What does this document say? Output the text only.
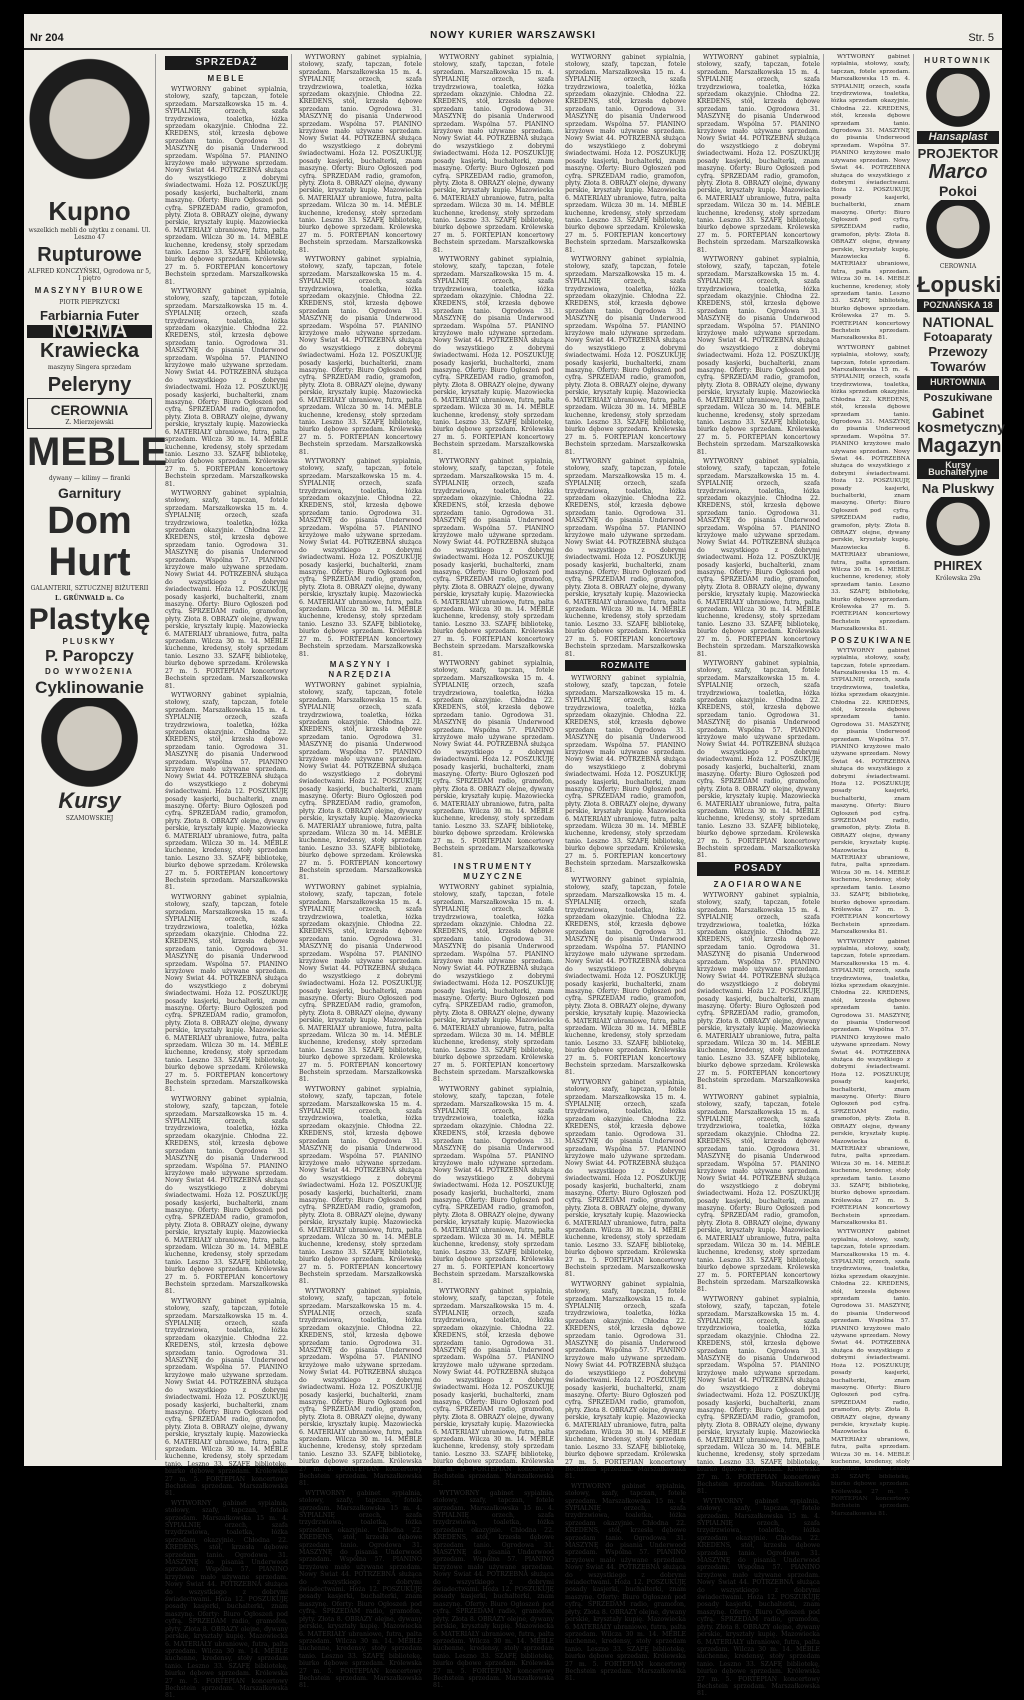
Nr 204	NOWY KURIER WARSZAWSKI	Str. 5
Kupno
wszelkich mebli do użytku z cenami. Ul. Leszno 47
Rupturowe
ALFRED KONCZYŃSKI, Ogrodowa nr 5, I piętro
MASZYNY BIUROWE
PIOTR PIEPRZYCKI
Farbiarnia Futer
NORMA
Krawiecka
maszyny Singera sprzedam
Peleryny
CEROWNIA
Z. Mierzejewski
MEBLE
dywany — kilimy — firanki
Garnitury
Dom
Hurt
GALANTERII, SZTUCZNEJ BIŻUTERII
L. GRÜNWALD n. Co
Plastykę
PLUSKWY
P. Paropczy
DO WYWOŻENIA
Cyklinowanie
Kursy
SZAMOWSKIEJ
SPRZEDAŻ
MEBLE

WYTWORNY gabinet sypialnia, stołowy, szafy, tapczan, fotele sprzedam. Marszałkowska 15 m. 4. SYPIALNIĘ orzech, szafa trzydrzwiowa, toaletka, łóżka sprzedam okazyjnie. Chłodna 22. KREDENS, stół, krzesła dębowe sprzedam tanio. Ogrodowa 31. MASZYNĘ do pisania Underwood sprzedam. Wspólna 57. PIANINO krzyżowe mało używane sprzedam. Nowy Świat 44. POTRZEBNA służąca do wszystkiego z dobrymi świadectwami. Hoża 12. POSZUKUJĘ posady kasjerki, buchalterki, znam maszynę. Oferty: Biuro Ogłoszeń pod cyfrą. SPRZEDAM radio, gramofon, płyty. Złota 8. OBRAZY olejne, dywany perskie, kryształy kupię. Mazowiecka 6. MATERIAŁY ubraniowe, futra, palta sprzedam. Wilcza 30 m. 14. MEBLE kuchenne, kredensy, stoły sprzedam tanio. Leszno 33. SZAFĘ bibliotekę, biurko dębowe sprzedam. Królewska 27 m. 5. FORTEPIAN koncertowy Bechstein sprzedam. Marszałkowska 81.

WYTWORNY gabinet sypialnia, stołowy, szafy, tapczan, fotele sprzedam. Marszałkowska 15 m. 4. SYPIALNIĘ orzech, szafa trzydrzwiowa, toaletka, łóżka sprzedam okazyjnie. Chłodna 22. KREDENS, stół, krzesła dębowe sprzedam tanio. Ogrodowa 31. MASZYNĘ do pisania Underwood sprzedam. Wspólna 57. PIANINO krzyżowe mało używane sprzedam. Nowy Świat 44. POTRZEBNA służąca do wszystkiego z dobrymi świadectwami. Hoża 12. POSZUKUJĘ posady kasjerki, buchalterki, znam maszynę. Oferty: Biuro Ogłoszeń pod cyfrą. SPRZEDAM radio, gramofon, płyty. Złota 8. OBRAZY olejne, dywany perskie, kryształy kupię. Mazowiecka 6. MATERIAŁY ubraniowe, futra, palta sprzedam. Wilcza 30 m. 14. MEBLE kuchenne, kredensy, stoły sprzedam tanio. Leszno 33. SZAFĘ bibliotekę, biurko dębowe sprzedam. Królewska 27 m. 5. FORTEPIAN koncertowy Bechstein sprzedam. Marszałkowska 81.

WYTWORNY gabinet sypialnia, stołowy, szafy, tapczan, fotele sprzedam. Marszałkowska 15 m. 4. SYPIALNIĘ orzech, szafa trzydrzwiowa, toaletka, łóżka sprzedam okazyjnie. Chłodna 22. KREDENS, stół, krzesła dębowe sprzedam tanio. Ogrodowa 31. MASZYNĘ do pisania Underwood sprzedam. Wspólna 57. PIANINO krzyżowe mało używane sprzedam. Nowy Świat 44. POTRZEBNA służąca do wszystkiego z dobrymi świadectwami. Hoża 12. POSZUKUJĘ posady kasjerki, buchalterki, znam maszynę. Oferty: Biuro Ogłoszeń pod cyfrą. SPRZEDAM radio, gramofon, płyty. Złota 8. OBRAZY olejne, dywany perskie, kryształy kupię. Mazowiecka 6. MATERIAŁY ubraniowe, futra, palta sprzedam. Wilcza 30 m. 14. MEBLE kuchenne, kredensy, stoły sprzedam tanio. Leszno 33. SZAFĘ bibliotekę, biurko dębowe sprzedam. Królewska 27 m. 5. FORTEPIAN koncertowy Bechstein sprzedam. Marszałkowska 81.

WYTWORNY gabinet sypialnia, stołowy, szafy, tapczan, fotele sprzedam. Marszałkowska 15 m. 4. SYPIALNIĘ orzech, szafa trzydrzwiowa, toaletka, łóżka sprzedam okazyjnie. Chłodna 22. KREDENS, stół, krzesła dębowe sprzedam tanio. Ogrodowa 31. MASZYNĘ do pisania Underwood sprzedam. Wspólna 57. PIANINO krzyżowe mało używane sprzedam. Nowy Świat 44. POTRZEBNA służąca do wszystkiego z dobrymi świadectwami. Hoża 12. POSZUKUJĘ posady kasjerki, buchalterki, znam maszynę. Oferty: Biuro Ogłoszeń pod cyfrą. SPRZEDAM radio, gramofon, płyty. Złota 8. OBRAZY olejne, dywany perskie, kryształy kupię. Mazowiecka 6. MATERIAŁY ubraniowe, futra, palta sprzedam. Wilcza 30 m. 14. MEBLE kuchenne, kredensy, stoły sprzedam tanio. Leszno 33. SZAFĘ bibliotekę, biurko dębowe sprzedam. Królewska 27 m. 5. FORTEPIAN koncertowy Bechstein sprzedam. Marszałkowska 81.

WYTWORNY gabinet sypialnia, stołowy, szafy, tapczan, fotele sprzedam. Marszałkowska 15 m. 4. SYPIALNIĘ orzech, szafa trzydrzwiowa, toaletka, łóżka sprzedam okazyjnie. Chłodna 22. KREDENS, stół, krzesła dębowe sprzedam tanio. Ogrodowa 31. MASZYNĘ do pisania Underwood sprzedam. Wspólna 57. PIANINO krzyżowe mało używane sprzedam. Nowy Świat 44. POTRZEBNA służąca do wszystkiego z dobrymi świadectwami. Hoża 12. POSZUKUJĘ posady kasjerki, buchalterki, znam maszynę. Oferty: Biuro Ogłoszeń pod cyfrą. SPRZEDAM radio, gramofon, płyty. Złota 8. OBRAZY olejne, dywany perskie, kryształy kupię. Mazowiecka 6. MATERIAŁY ubraniowe, futra, palta sprzedam. Wilcza 30 m. 14. MEBLE kuchenne, kredensy, stoły sprzedam tanio. Leszno 33. SZAFĘ bibliotekę, biurko dębowe sprzedam. Królewska 27 m. 5. FORTEPIAN koncertowy Bechstein sprzedam. Marszałkowska 81.

WYTWORNY gabinet sypialnia, stołowy, szafy, tapczan, fotele sprzedam. Marszałkowska 15 m. 4. SYPIALNIĘ orzech, szafa trzydrzwiowa, toaletka, łóżka sprzedam okazyjnie. Chłodna 22. KREDENS, stół, krzesła dębowe sprzedam tanio. Ogrodowa 31. MASZYNĘ do pisania Underwood sprzedam. Wspólna 57. PIANINO krzyżowe mało używane sprzedam. Nowy Świat 44. POTRZEBNA służąca do wszystkiego z dobrymi świadectwami. Hoża 12. POSZUKUJĘ posady kasjerki, buchalterki, znam maszynę. Oferty: Biuro Ogłoszeń pod cyfrą. SPRZEDAM radio, gramofon, płyty. Złota 8. OBRAZY olejne, dywany perskie, kryształy kupię. Mazowiecka 6. MATERIAŁY ubraniowe, futra, palta sprzedam. Wilcza 30 m. 14. MEBLE kuchenne, kredensy, stoły sprzedam tanio. Leszno 33. SZAFĘ bibliotekę, biurko dębowe sprzedam. Królewska 27 m. 5. FORTEPIAN koncertowy Bechstein sprzedam. Marszałkowska 81.

WYTWORNY gabinet sypialnia, stołowy, szafy, tapczan, fotele sprzedam. Marszałkowska 15 m. 4. SYPIALNIĘ orzech, szafa trzydrzwiowa, toaletka, łóżka sprzedam okazyjnie. Chłodna 22. KREDENS, stół, krzesła dębowe sprzedam tanio. Ogrodowa 31. MASZYNĘ do pisania Underwood sprzedam. Wspólna 57. PIANINO krzyżowe mało używane sprzedam. Nowy Świat 44. POTRZEBNA służąca do wszystkiego z dobrymi świadectwami. Hoża 12. POSZUKUJĘ posady kasjerki, buchalterki, znam maszynę. Oferty: Biuro Ogłoszeń pod cyfrą. SPRZEDAM radio, gramofon, płyty. Złota 8. OBRAZY olejne, dywany perskie, kryształy kupię. Mazowiecka 6. MATERIAŁY ubraniowe, futra, palta sprzedam. Wilcza 30 m. 14. MEBLE kuchenne, kredensy, stoły sprzedam tanio. Leszno 33. SZAFĘ bibliotekę, biurko dębowe sprzedam. Królewska 27 m. 5. FORTEPIAN koncertowy Bechstein sprzedam. Marszałkowska 81.

WYTWORNY gabinet sypialnia, stołowy, szafy, tapczan, fotele sprzedam. Marszałkowska 15 m. 4. SYPIALNIĘ orzech, szafa trzydrzwiowa, toaletka, łóżka sprzedam okazyjnie. Chłodna 22. KREDENS, stół, krzesła dębowe sprzedam tanio. Ogrodowa 31. MASZYNĘ do pisania Underwood sprzedam. Wspólna 57. PIANINO krzyżowe mało używane sprzedam. Nowy Świat 44. POTRZEBNA służąca do wszystkiego z dobrymi świadectwami. Hoża 12. POSZUKUJĘ posady kasjerki, buchalterki, znam maszynę. Oferty: Biuro Ogłoszeń pod cyfrą. SPRZEDAM radio, gramofon, płyty. Złota 8. OBRAZY olejne, dywany perskie, kryształy kupię. Mazowiecka 6. MATERIAŁY ubraniowe, futra, palta sprzedam. Wilcza 30 m. 14. MEBLE kuchenne, kredensy, stoły sprzedam tanio. Leszno 33. SZAFĘ bibliotekę, biurko dębowe sprzedam. Królewska 27 m. 5. FORTEPIAN koncertowy Bechstein sprzedam. Marszałkowska 81.

WYTWORNY gabinet sypialnia, stołowy, szafy, tapczan, fotele sprzedam. Marszałkowska 15 m. 4. SYPIALNIĘ orzech, szafa trzydrzwiowa, toaletka, łóżka sprzedam okazyjnie. Chłodna 22. KREDENS, stół, krzesła dębowe sprzedam tanio. Ogrodowa 31. MASZYNĘ do pisania Underwood sprzedam. Wspólna 57. PIANINO krzyżowe mało używane sprzedam. Nowy Świat 44. POTRZEBNA służąca do wszystkiego z dobrymi świadectwami. Hoża 12. POSZUKUJĘ posady kasjerki, buchalterki, znam maszynę. Oferty: Biuro Ogłoszeń pod cyfrą. SPRZEDAM radio, gramofon, płyty. Złota 8. OBRAZY olejne, dywany perskie, kryształy kupię. Mazowiecka 6. MATERIAŁY ubraniowe, futra, palta sprzedam. Wilcza 30 m. 14. MEBLE kuchenne, kredensy, stoły sprzedam tanio. Leszno 33. SZAFĘ bibliotekę, biurko dębowe sprzedam. Królewska 27 m. 5. FORTEPIAN koncertowy Bechstein sprzedam. Marszałkowska 81.

WYTWORNY gabinet sypialnia, stołowy, szafy, tapczan, fotele sprzedam. Marszałkowska 15 m. 4. SYPIALNIĘ orzech, szafa trzydrzwiowa, toaletka, łóżka sprzedam okazyjnie. Chłodna 22. KREDENS, stół, krzesła dębowe sprzedam tanio. Ogrodowa 31. MASZYNĘ do pisania Underwood sprzedam. Wspólna 57. PIANINO krzyżowe mało używane sprzedam. Nowy Świat 44. POTRZEBNA służąca do wszystkiego z dobrymi świadectwami. Hoża 12. POSZUKUJĘ posady kasjerki, buchalterki, znam maszynę. Oferty: Biuro Ogłoszeń pod cyfrą. SPRZEDAM radio, gramofon, płyty. Złota 8. OBRAZY olejne, dywany perskie, kryształy kupię. Mazowiecka 6. MATERIAŁY ubraniowe, futra, palta sprzedam. Wilcza 30 m. 14. MEBLE kuchenne, kredensy, stoły sprzedam tanio. Leszno 33. SZAFĘ bibliotekę, biurko dębowe sprzedam. Królewska 27 m. 5. FORTEPIAN koncertowy Bechstein sprzedam. Marszałkowska 81.

WYTWORNY gabinet sypialnia, stołowy, szafy, tapczan, fotele sprzedam. Marszałkowska 15 m. 4. SYPIALNIĘ orzech, szafa trzydrzwiowa, toaletka, łóżka sprzedam okazyjnie. Chłodna 22. KREDENS, stół, krzesła dębowe sprzedam tanio. Ogrodowa 31. MASZYNĘ do pisania Underwood sprzedam. Wspólna 57. PIANINO krzyżowe mało używane sprzedam. Nowy Świat 44. POTRZEBNA służąca do wszystkiego z dobrymi świadectwami. Hoża 12. POSZUKUJĘ posady kasjerki, buchalterki, znam maszynę. Oferty: Biuro Ogłoszeń pod cyfrą. SPRZEDAM radio, gramofon, płyty. Złota 8. OBRAZY olejne, dywany perskie, kryształy kupię. Mazowiecka 6. MATERIAŁY ubraniowe, futra, palta sprzedam. Wilcza 30 m. 14. MEBLE kuchenne, kredensy, stoły sprzedam tanio. Leszno 33. SZAFĘ bibliotekę, biurko dębowe sprzedam. Królewska 27 m. 5. FORTEPIAN koncertowy Bechstein sprzedam. Marszałkowska 81.

MASZYNY I NARZĘDZIA

WYTWORNY gabinet sypialnia, stołowy, szafy, tapczan, fotele sprzedam. Marszałkowska 15 m. 4. SYPIALNIĘ orzech, szafa trzydrzwiowa, toaletka, łóżka sprzedam okazyjnie. Chłodna 22. KREDENS, stół, krzesła dębowe sprzedam tanio. Ogrodowa 31. MASZYNĘ do pisania Underwood sprzedam. Wspólna 57. PIANINO krzyżowe mało używane sprzedam. Nowy Świat 44. POTRZEBNA służąca do wszystkiego z dobrymi świadectwami. Hoża 12. POSZUKUJĘ posady kasjerki, buchalterki, znam maszynę. Oferty: Biuro Ogłoszeń pod cyfrą. SPRZEDAM radio, gramofon, płyty. Złota 8. OBRAZY olejne, dywany perskie, kryształy kupię. Mazowiecka 6. MATERIAŁY ubraniowe, futra, palta sprzedam. Wilcza 30 m. 14. MEBLE kuchenne, kredensy, stoły sprzedam tanio. Leszno 33. SZAFĘ bibliotekę, biurko dębowe sprzedam. Królewska 27 m. 5. FORTEPIAN koncertowy Bechstein sprzedam. Marszałkowska 81.

WYTWORNY gabinet sypialnia, stołowy, szafy, tapczan, fotele sprzedam. Marszałkowska 15 m. 4. SYPIALNIĘ orzech, szafa trzydrzwiowa, toaletka, łóżka sprzedam okazyjnie. Chłodna 22. KREDENS, stół, krzesła dębowe sprzedam tanio. Ogrodowa 31. MASZYNĘ do pisania Underwood sprzedam. Wspólna 57. PIANINO krzyżowe mało używane sprzedam. Nowy Świat 44. POTRZEBNA służąca do wszystkiego z dobrymi świadectwami. Hoża 12. POSZUKUJĘ posady kasjerki, buchalterki, znam maszynę. Oferty: Biuro Ogłoszeń pod cyfrą. SPRZEDAM radio, gramofon, płyty. Złota 8. OBRAZY olejne, dywany perskie, kryształy kupię. Mazowiecka 6. MATERIAŁY ubraniowe, futra, palta sprzedam. Wilcza 30 m. 14. MEBLE kuchenne, kredensy, stoły sprzedam tanio. Leszno 33. SZAFĘ bibliotekę, biurko dębowe sprzedam. Królewska 27 m. 5. FORTEPIAN koncertowy Bechstein sprzedam. Marszałkowska 81.

WYTWORNY gabinet sypialnia, stołowy, szafy, tapczan, fotele sprzedam. Marszałkowska 15 m. 4. SYPIALNIĘ orzech, szafa trzydrzwiowa, toaletka, łóżka sprzedam okazyjnie. Chłodna 22. KREDENS, stół, krzesła dębowe sprzedam tanio. Ogrodowa 31. MASZYNĘ do pisania Underwood sprzedam. Wspólna 57. PIANINO krzyżowe mało używane sprzedam. Nowy Świat 44. POTRZEBNA służąca do wszystkiego z dobrymi świadectwami. Hoża 12. POSZUKUJĘ posady kasjerki, buchalterki, znam maszynę. Oferty: Biuro Ogłoszeń pod cyfrą. SPRZEDAM radio, gramofon, płyty. Złota 8. OBRAZY olejne, dywany perskie, kryształy kupię. Mazowiecka 6. MATERIAŁY ubraniowe, futra, palta sprzedam. Wilcza 30 m. 14. MEBLE kuchenne, kredensy, stoły sprzedam tanio. Leszno 33. SZAFĘ bibliotekę, biurko dębowe sprzedam. Królewska 27 m. 5. FORTEPIAN koncertowy Bechstein sprzedam. Marszałkowska 81.

WYTWORNY gabinet sypialnia, stołowy, szafy, tapczan, fotele sprzedam. Marszałkowska 15 m. 4. SYPIALNIĘ orzech, szafa trzydrzwiowa, toaletka, łóżka sprzedam okazyjnie. Chłodna 22. KREDENS, stół, krzesła dębowe sprzedam tanio. Ogrodowa 31. MASZYNĘ do pisania Underwood sprzedam. Wspólna 57. PIANINO krzyżowe mało używane sprzedam. Nowy Świat 44. POTRZEBNA służąca do wszystkiego z dobrymi świadectwami. Hoża 12. POSZUKUJĘ posady kasjerki, buchalterki, znam maszynę. Oferty: Biuro Ogłoszeń pod cyfrą. SPRZEDAM radio, gramofon, płyty. Złota 8. OBRAZY olejne, dywany perskie, kryształy kupię. Mazowiecka 6. MATERIAŁY ubraniowe, futra, palta sprzedam. Wilcza 30 m. 14. MEBLE kuchenne, kredensy, stoły sprzedam tanio. Leszno 33. SZAFĘ bibliotekę, biurko dębowe sprzedam. Królewska 27 m. 5. FORTEPIAN koncertowy Bechstein sprzedam. Marszałkowska 81.

WYTWORNY gabinet sypialnia, stołowy, szafy, tapczan, fotele sprzedam. Marszałkowska 15 m. 4. SYPIALNIĘ orzech, szafa trzydrzwiowa, toaletka, łóżka sprzedam okazyjnie. Chłodna 22. KREDENS, stół, krzesła dębowe sprzedam tanio. Ogrodowa 31. MASZYNĘ do pisania Underwood sprzedam. Wspólna 57. PIANINO krzyżowe mało używane sprzedam. Nowy Świat 44. POTRZEBNA służąca do wszystkiego z dobrymi świadectwami. Hoża 12. POSZUKUJĘ posady kasjerki, buchalterki, znam maszynę. Oferty: Biuro Ogłoszeń pod cyfrą. SPRZEDAM radio, gramofon, płyty. Złota 8. OBRAZY olejne, dywany perskie, kryształy kupię. Mazowiecka 6. MATERIAŁY ubraniowe, futra, palta sprzedam. Wilcza 30 m. 14. MEBLE kuchenne, kredensy, stoły sprzedam tanio. Leszno 33. SZAFĘ bibliotekę, biurko dębowe sprzedam. Królewska 27 m. 5. FORTEPIAN koncertowy Bechstein sprzedam. Marszałkowska 81.

WYTWORNY gabinet sypialnia, stołowy, szafy, tapczan, fotele sprzedam. Marszałkowska 15 m. 4. SYPIALNIĘ orzech, szafa trzydrzwiowa, toaletka, łóżka sprzedam okazyjnie. Chłodna 22. KREDENS, stół, krzesła dębowe sprzedam tanio. Ogrodowa 31. MASZYNĘ do pisania Underwood sprzedam. Wspólna 57. PIANINO krzyżowe mało używane sprzedam. Nowy Świat 44. POTRZEBNA służąca do wszystkiego z dobrymi świadectwami. Hoża 12. POSZUKUJĘ posady kasjerki, buchalterki, znam maszynę. Oferty: Biuro Ogłoszeń pod cyfrą. SPRZEDAM radio, gramofon, płyty. Złota 8. OBRAZY olejne, dywany perskie, kryształy kupię. Mazowiecka 6. MATERIAŁY ubraniowe, futra, palta sprzedam. Wilcza 30 m. 14. MEBLE kuchenne, kredensy, stoły sprzedam tanio. Leszno 33. SZAFĘ bibliotekę, biurko dębowe sprzedam. Królewska 27 m. 5. FORTEPIAN koncertowy Bechstein sprzedam. Marszałkowska 81.

WYTWORNY gabinet sypialnia, stołowy, szafy, tapczan, fotele sprzedam. Marszałkowska 15 m. 4. SYPIALNIĘ orzech, szafa trzydrzwiowa, toaletka, łóżka sprzedam okazyjnie. Chłodna 22. KREDENS, stół, krzesła dębowe sprzedam tanio. Ogrodowa 31. MASZYNĘ do pisania Underwood sprzedam. Wspólna 57. PIANINO krzyżowe mało używane sprzedam. Nowy Świat 44. POTRZEBNA służąca do wszystkiego z dobrymi świadectwami. Hoża 12. POSZUKUJĘ posady kasjerki, buchalterki, znam maszynę. Oferty: Biuro Ogłoszeń pod cyfrą. SPRZEDAM radio, gramofon, płyty. Złota 8. OBRAZY olejne, dywany perskie, kryształy kupię. Mazowiecka 6. MATERIAŁY ubraniowe, futra, palta sprzedam. Wilcza 30 m. 14. MEBLE kuchenne, kredensy, stoły sprzedam tanio. Leszno 33. SZAFĘ bibliotekę, biurko dębowe sprzedam. Królewska 27 m. 5. FORTEPIAN koncertowy Bechstein sprzedam. Marszałkowska 81.

WYTWORNY gabinet sypialnia, stołowy, szafy, tapczan, fotele sprzedam. Marszałkowska 15 m. 4. SYPIALNIĘ orzech, szafa trzydrzwiowa, toaletka, łóżka sprzedam okazyjnie. Chłodna 22. KREDENS, stół, krzesła dębowe sprzedam tanio. Ogrodowa 31. MASZYNĘ do pisania Underwood sprzedam. Wspólna 57. PIANINO krzyżowe mało używane sprzedam. Nowy Świat 44. POTRZEBNA służąca do wszystkiego z dobrymi świadectwami. Hoża 12. POSZUKUJĘ posady kasjerki, buchalterki, znam maszynę. Oferty: Biuro Ogłoszeń pod cyfrą. SPRZEDAM radio, gramofon, płyty. Złota 8. OBRAZY olejne, dywany perskie, kryształy kupię. Mazowiecka 6. MATERIAŁY ubraniowe, futra, palta sprzedam. Wilcza 30 m. 14. MEBLE kuchenne, kredensy, stoły sprzedam tanio. Leszno 33. SZAFĘ bibliotekę, biurko dębowe sprzedam. Królewska 27 m. 5. FORTEPIAN koncertowy Bechstein sprzedam. Marszałkowska 81.

WYTWORNY gabinet sypialnia, stołowy, szafy, tapczan, fotele sprzedam. Marszałkowska 15 m. 4. SYPIALNIĘ orzech, szafa trzydrzwiowa, toaletka, łóżka sprzedam okazyjnie. Chłodna 22. KREDENS, stół, krzesła dębowe sprzedam tanio. Ogrodowa 31. MASZYNĘ do pisania Underwood sprzedam. Wspólna 57. PIANINO krzyżowe mało używane sprzedam. Nowy Świat 44. POTRZEBNA służąca do wszystkiego z dobrymi świadectwami. Hoża 12. POSZUKUJĘ posady kasjerki, buchalterki, znam maszynę. Oferty: Biuro Ogłoszeń pod cyfrą. SPRZEDAM radio, gramofon, płyty. Złota 8. OBRAZY olejne, dywany perskie, kryształy kupię. Mazowiecka 6. MATERIAŁY ubraniowe, futra, palta sprzedam. Wilcza 30 m. 14. MEBLE kuchenne, kredensy, stoły sprzedam tanio. Leszno 33. SZAFĘ bibliotekę, biurko dębowe sprzedam. Królewska 27 m. 5. FORTEPIAN koncertowy Bechstein sprzedam. Marszałkowska 81.

INSTRUMENTY MUZYCZNE

WYTWORNY gabinet sypialnia, stołowy, szafy, tapczan, fotele sprzedam. Marszałkowska 15 m. 4. SYPIALNIĘ orzech, szafa trzydrzwiowa, toaletka, łóżka sprzedam okazyjnie. Chłodna 22. KREDENS, stół, krzesła dębowe sprzedam tanio. Ogrodowa 31. MASZYNĘ do pisania Underwood sprzedam. Wspólna 57. PIANINO krzyżowe mało używane sprzedam. Nowy Świat 44. POTRZEBNA służąca do wszystkiego z dobrymi świadectwami. Hoża 12. POSZUKUJĘ posady kasjerki, buchalterki, znam maszynę. Oferty: Biuro Ogłoszeń pod cyfrą. SPRZEDAM radio, gramofon, płyty. Złota 8. OBRAZY olejne, dywany perskie, kryształy kupię. Mazowiecka 6. MATERIAŁY ubraniowe, futra, palta sprzedam. Wilcza 30 m. 14. MEBLE kuchenne, kredensy, stoły sprzedam tanio. Leszno 33. SZAFĘ bibliotekę, biurko dębowe sprzedam. Królewska 27 m. 5. FORTEPIAN koncertowy Bechstein sprzedam. Marszałkowska 81.

WYTWORNY gabinet sypialnia, stołowy, szafy, tapczan, fotele sprzedam. Marszałkowska 15 m. 4. SYPIALNIĘ orzech, szafa trzydrzwiowa, toaletka, łóżka sprzedam okazyjnie. Chłodna 22. KREDENS, stół, krzesła dębowe sprzedam tanio. Ogrodowa 31. MASZYNĘ do pisania Underwood sprzedam. Wspólna 57. PIANINO krzyżowe mało używane sprzedam. Nowy Świat 44. POTRZEBNA służąca do wszystkiego z dobrymi świadectwami. Hoża 12. POSZUKUJĘ posady kasjerki, buchalterki, znam maszynę. Oferty: Biuro Ogłoszeń pod cyfrą. SPRZEDAM radio, gramofon, płyty. Złota 8. OBRAZY olejne, dywany perskie, kryształy kupię. Mazowiecka 6. MATERIAŁY ubraniowe, futra, palta sprzedam. Wilcza 30 m. 14. MEBLE kuchenne, kredensy, stoły sprzedam tanio. Leszno 33. SZAFĘ bibliotekę, biurko dębowe sprzedam. Królewska 27 m. 5. FORTEPIAN koncertowy Bechstein sprzedam. Marszałkowska 81.

WYTWORNY gabinet sypialnia, stołowy, szafy, tapczan, fotele sprzedam. Marszałkowska 15 m. 4. SYPIALNIĘ orzech, szafa trzydrzwiowa, toaletka, łóżka sprzedam okazyjnie. Chłodna 22. KREDENS, stół, krzesła dębowe sprzedam tanio. Ogrodowa 31. MASZYNĘ do pisania Underwood sprzedam. Wspólna 57. PIANINO krzyżowe mało używane sprzedam. Nowy Świat 44. POTRZEBNA służąca do wszystkiego z dobrymi świadectwami. Hoża 12. POSZUKUJĘ posady kasjerki, buchalterki, znam maszynę. Oferty: Biuro Ogłoszeń pod cyfrą. SPRZEDAM radio, gramofon, płyty. Złota 8. OBRAZY olejne, dywany perskie, kryształy kupię. Mazowiecka 6. MATERIAŁY ubraniowe, futra, palta sprzedam. Wilcza 30 m. 14. MEBLE kuchenne, kredensy, stoły sprzedam tanio. Leszno 33. SZAFĘ bibliotekę, biurko dębowe sprzedam. Królewska 27 m. 5. FORTEPIAN koncertowy Bechstein sprzedam. Marszałkowska 81.

WYTWORNY gabinet sypialnia, stołowy, szafy, tapczan, fotele sprzedam. Marszałkowska 15 m. 4. SYPIALNIĘ orzech, szafa trzydrzwiowa, toaletka, łóżka sprzedam okazyjnie. Chłodna 22. KREDENS, stół, krzesła dębowe sprzedam tanio. Ogrodowa 31. MASZYNĘ do pisania Underwood sprzedam. Wspólna 57. PIANINO krzyżowe mało używane sprzedam. Nowy Świat 44. POTRZEBNA służąca do wszystkiego z dobrymi świadectwami. Hoża 12. POSZUKUJĘ posady kasjerki, buchalterki, znam maszynę. Oferty: Biuro Ogłoszeń pod cyfrą. SPRZEDAM radio, gramofon, płyty. Złota 8. OBRAZY olejne, dywany perskie, kryształy kupię. Mazowiecka 6. MATERIAŁY ubraniowe, futra, palta sprzedam. Wilcza 30 m. 14. MEBLE kuchenne, kredensy, stoły sprzedam tanio. Leszno 33. SZAFĘ bibliotekę, biurko dębowe sprzedam. Królewska 27 m. 5. FORTEPIAN koncertowy Bechstein sprzedam. Marszałkowska 81.

WYTWORNY gabinet sypialnia, stołowy, szafy, tapczan, fotele sprzedam. Marszałkowska 15 m. 4. SYPIALNIĘ orzech, szafa trzydrzwiowa, toaletka, łóżka sprzedam okazyjnie. Chłodna 22. KREDENS, stół, krzesła dębowe sprzedam tanio. Ogrodowa 31. MASZYNĘ do pisania Underwood sprzedam. Wspólna 57. PIANINO krzyżowe mało używane sprzedam. Nowy Świat 44. POTRZEBNA służąca do wszystkiego z dobrymi świadectwami. Hoża 12. POSZUKUJĘ posady kasjerki, buchalterki, znam maszynę. Oferty: Biuro Ogłoszeń pod cyfrą. SPRZEDAM radio, gramofon, płyty. Złota 8. OBRAZY olejne, dywany perskie, kryształy kupię. Mazowiecka 6. MATERIAŁY ubraniowe, futra, palta sprzedam. Wilcza 30 m. 14. MEBLE kuchenne, kredensy, stoły sprzedam tanio. Leszno 33. SZAFĘ bibliotekę, biurko dębowe sprzedam. Królewska 27 m. 5. FORTEPIAN koncertowy Bechstein sprzedam. Marszałkowska 81.

WYTWORNY gabinet sypialnia, stołowy, szafy, tapczan, fotele sprzedam. Marszałkowska 15 m. 4. SYPIALNIĘ orzech, szafa trzydrzwiowa, toaletka, łóżka sprzedam okazyjnie. Chłodna 22. KREDENS, stół, krzesła dębowe sprzedam tanio. Ogrodowa 31. MASZYNĘ do pisania Underwood sprzedam. Wspólna 57. PIANINO krzyżowe mało używane sprzedam. Nowy Świat 44. POTRZEBNA służąca do wszystkiego z dobrymi świadectwami. Hoża 12. POSZUKUJĘ posady kasjerki, buchalterki, znam maszynę. Oferty: Biuro Ogłoszeń pod cyfrą. SPRZEDAM radio, gramofon, płyty. Złota 8. OBRAZY olejne, dywany perskie, kryształy kupię. Mazowiecka 6. MATERIAŁY ubraniowe, futra, palta sprzedam. Wilcza 30 m. 14. MEBLE kuchenne, kredensy, stoły sprzedam tanio. Leszno 33. SZAFĘ bibliotekę, biurko dębowe sprzedam. Królewska 27 m. 5. FORTEPIAN koncertowy Bechstein sprzedam. Marszałkowska 81.

WYTWORNY gabinet sypialnia, stołowy, szafy, tapczan, fotele sprzedam. Marszałkowska 15 m. 4. SYPIALNIĘ orzech, szafa trzydrzwiowa, toaletka, łóżka sprzedam okazyjnie. Chłodna 22. KREDENS, stół, krzesła dębowe sprzedam tanio. Ogrodowa 31. MASZYNĘ do pisania Underwood sprzedam. Wspólna 57. PIANINO krzyżowe mało używane sprzedam. Nowy Świat 44. POTRZEBNA służąca do wszystkiego z dobrymi świadectwami. Hoża 12. POSZUKUJĘ posady kasjerki, buchalterki, znam maszynę. Oferty: Biuro Ogłoszeń pod cyfrą. SPRZEDAM radio, gramofon, płyty. Złota 8. OBRAZY olejne, dywany perskie, kryształy kupię. Mazowiecka 6. MATERIAŁY ubraniowe, futra, palta sprzedam. Wilcza 30 m. 14. MEBLE kuchenne, kredensy, stoły sprzedam tanio. Leszno 33. SZAFĘ bibliotekę, biurko dębowe sprzedam. Królewska 27 m. 5. FORTEPIAN koncertowy Bechstein sprzedam. Marszałkowska 81.

ROZMAITE

WYTWORNY gabinet sypialnia, stołowy, szafy, tapczan, fotele sprzedam. Marszałkowska 15 m. 4. SYPIALNIĘ orzech, szafa trzydrzwiowa, toaletka, łóżka sprzedam okazyjnie. Chłodna 22. KREDENS, stół, krzesła dębowe sprzedam tanio. Ogrodowa 31. MASZYNĘ do pisania Underwood sprzedam. Wspólna 57. PIANINO krzyżowe mało używane sprzedam. Nowy Świat 44. POTRZEBNA służąca do wszystkiego z dobrymi świadectwami. Hoża 12. POSZUKUJĘ posady kasjerki, buchalterki, znam maszynę. Oferty: Biuro Ogłoszeń pod cyfrą. SPRZEDAM radio, gramofon, płyty. Złota 8. OBRAZY olejne, dywany perskie, kryształy kupię. Mazowiecka 6. MATERIAŁY ubraniowe, futra, palta sprzedam. Wilcza 30 m. 14. MEBLE kuchenne, kredensy, stoły sprzedam tanio. Leszno 33. SZAFĘ bibliotekę, biurko dębowe sprzedam. Królewska 27 m. 5. FORTEPIAN koncertowy Bechstein sprzedam. Marszałkowska 81.

WYTWORNY gabinet sypialnia, stołowy, szafy, tapczan, fotele sprzedam. Marszałkowska 15 m. 4. SYPIALNIĘ orzech, szafa trzydrzwiowa, toaletka, łóżka sprzedam okazyjnie. Chłodna 22. KREDENS, stół, krzesła dębowe sprzedam tanio. Ogrodowa 31. MASZYNĘ do pisania Underwood sprzedam. Wspólna 57. PIANINO krzyżowe mało używane sprzedam. Nowy Świat 44. POTRZEBNA służąca do wszystkiego z dobrymi świadectwami. Hoża 12. POSZUKUJĘ posady kasjerki, buchalterki, znam maszynę. Oferty: Biuro Ogłoszeń pod cyfrą. SPRZEDAM radio, gramofon, płyty. Złota 8. OBRAZY olejne, dywany perskie, kryształy kupię. Mazowiecka 6. MATERIAŁY ubraniowe, futra, palta sprzedam. Wilcza 30 m. 14. MEBLE kuchenne, kredensy, stoły sprzedam tanio. Leszno 33. SZAFĘ bibliotekę, biurko dębowe sprzedam. Królewska 27 m. 5. FORTEPIAN koncertowy Bechstein sprzedam. Marszałkowska 81.

WYTWORNY gabinet sypialnia, stołowy, szafy, tapczan, fotele sprzedam. Marszałkowska 15 m. 4. SYPIALNIĘ orzech, szafa trzydrzwiowa, toaletka, łóżka sprzedam okazyjnie. Chłodna 22. KREDENS, stół, krzesła dębowe sprzedam tanio. Ogrodowa 31. MASZYNĘ do pisania Underwood sprzedam. Wspólna 57. PIANINO krzyżowe mało używane sprzedam. Nowy Świat 44. POTRZEBNA służąca do wszystkiego z dobrymi świadectwami. Hoża 12. POSZUKUJĘ posady kasjerki, buchalterki, znam maszynę. Oferty: Biuro Ogłoszeń pod cyfrą. SPRZEDAM radio, gramofon, płyty. Złota 8. OBRAZY olejne, dywany perskie, kryształy kupię. Mazowiecka 6. MATERIAŁY ubraniowe, futra, palta sprzedam. Wilcza 30 m. 14. MEBLE kuchenne, kredensy, stoły sprzedam tanio. Leszno 33. SZAFĘ bibliotekę, biurko dębowe sprzedam. Królewska 27 m. 5. FORTEPIAN koncertowy Bechstein sprzedam. Marszałkowska 81.

WYTWORNY gabinet sypialnia, stołowy, szafy, tapczan, fotele sprzedam. Marszałkowska 15 m. 4. SYPIALNIĘ orzech, szafa trzydrzwiowa, toaletka, łóżka sprzedam okazyjnie. Chłodna 22. KREDENS, stół, krzesła dębowe sprzedam tanio. Ogrodowa 31. MASZYNĘ do pisania Underwood sprzedam. Wspólna 57. PIANINO krzyżowe mało używane sprzedam. Nowy Świat 44. POTRZEBNA służąca do wszystkiego z dobrymi świadectwami. Hoża 12. POSZUKUJĘ posady kasjerki, buchalterki, znam maszynę. Oferty: Biuro Ogłoszeń pod cyfrą. SPRZEDAM radio, gramofon, płyty. Złota 8. OBRAZY olejne, dywany perskie, kryształy kupię. Mazowiecka 6. MATERIAŁY ubraniowe, futra, palta sprzedam. Wilcza 30 m. 14. MEBLE kuchenne, kredensy, stoły sprzedam tanio. Leszno 33. SZAFĘ bibliotekę, biurko dębowe sprzedam. Królewska 27 m. 5. FORTEPIAN koncertowy Bechstein sprzedam. Marszałkowska 81.

WYTWORNY gabinet sypialnia, stołowy, szafy, tapczan, fotele sprzedam. Marszałkowska 15 m. 4. SYPIALNIĘ orzech, szafa trzydrzwiowa, toaletka, łóżka sprzedam okazyjnie. Chłodna 22. KREDENS, stół, krzesła dębowe sprzedam tanio. Ogrodowa 31. MASZYNĘ do pisania Underwood sprzedam. Wspólna 57. PIANINO krzyżowe mało używane sprzedam. Nowy Świat 44. POTRZEBNA służąca do wszystkiego z dobrymi świadectwami. Hoża 12. POSZUKUJĘ posady kasjerki, buchalterki, znam maszynę. Oferty: Biuro Ogłoszeń pod cyfrą. SPRZEDAM radio, gramofon, płyty. Złota 8. OBRAZY olejne, dywany perskie, kryształy kupię. Mazowiecka 6. MATERIAŁY ubraniowe, futra, palta sprzedam. Wilcza 30 m. 14. MEBLE kuchenne, kredensy, stoły sprzedam tanio. Leszno 33. SZAFĘ bibliotekę, biurko dębowe sprzedam. Królewska 27 m. 5. FORTEPIAN koncertowy Bechstein sprzedam. Marszałkowska 81.

WYTWORNY gabinet sypialnia, stołowy, szafy, tapczan, fotele sprzedam. Marszałkowska 15 m. 4. SYPIALNIĘ orzech, szafa trzydrzwiowa, toaletka, łóżka sprzedam okazyjnie. Chłodna 22. KREDENS, stół, krzesła dębowe sprzedam tanio. Ogrodowa 31. MASZYNĘ do pisania Underwood sprzedam. Wspólna 57. PIANINO krzyżowe mało używane sprzedam. Nowy Świat 44. POTRZEBNA służąca do wszystkiego z dobrymi świadectwami. Hoża 12. POSZUKUJĘ posady kasjerki, buchalterki, znam maszynę. Oferty: Biuro Ogłoszeń pod cyfrą. SPRZEDAM radio, gramofon, płyty. Złota 8. OBRAZY olejne, dywany perskie, kryształy kupię. Mazowiecka 6. MATERIAŁY ubraniowe, futra, palta sprzedam. Wilcza 30 m. 14. MEBLE kuchenne, kredensy, stoły sprzedam tanio. Leszno 33. SZAFĘ bibliotekę, biurko dębowe sprzedam. Królewska 27 m. 5. FORTEPIAN koncertowy Bechstein sprzedam. Marszałkowska 81.

WYTWORNY gabinet sypialnia, stołowy, szafy, tapczan, fotele sprzedam. Marszałkowska 15 m. 4. SYPIALNIĘ orzech, szafa trzydrzwiowa, toaletka, łóżka sprzedam okazyjnie. Chłodna 22. KREDENS, stół, krzesła dębowe sprzedam tanio. Ogrodowa 31. MASZYNĘ do pisania Underwood sprzedam. Wspólna 57. PIANINO krzyżowe mało używane sprzedam. Nowy Świat 44. POTRZEBNA służąca do wszystkiego z dobrymi świadectwami. Hoża 12. POSZUKUJĘ posady kasjerki, buchalterki, znam maszynę. Oferty: Biuro Ogłoszeń pod cyfrą. SPRZEDAM radio, gramofon, płyty. Złota 8. OBRAZY olejne, dywany perskie, kryształy kupię. Mazowiecka 6. MATERIAŁY ubraniowe, futra, palta sprzedam. Wilcza 30 m. 14. MEBLE kuchenne, kredensy, stoły sprzedam tanio. Leszno 33. SZAFĘ bibliotekę, biurko dębowe sprzedam. Królewska 27 m. 5. FORTEPIAN koncertowy Bechstein sprzedam. Marszałkowska 81.

WYTWORNY gabinet sypialnia, stołowy, szafy, tapczan, fotele sprzedam. Marszałkowska 15 m. 4. SYPIALNIĘ orzech, szafa trzydrzwiowa, toaletka, łóżka sprzedam okazyjnie. Chłodna 22. KREDENS, stół, krzesła dębowe sprzedam tanio. Ogrodowa 31. MASZYNĘ do pisania Underwood sprzedam. Wspólna 57. PIANINO krzyżowe mało używane sprzedam. Nowy Świat 44. POTRZEBNA służąca do wszystkiego z dobrymi świadectwami. Hoża 12. POSZUKUJĘ posady kasjerki, buchalterki, znam maszynę. Oferty: Biuro Ogłoszeń pod cyfrą. SPRZEDAM radio, gramofon, płyty. Złota 8. OBRAZY olejne, dywany perskie, kryształy kupię. Mazowiecka 6. MATERIAŁY ubraniowe, futra, palta sprzedam. Wilcza 30 m. 14. MEBLE kuchenne, kredensy, stoły sprzedam tanio. Leszno 33. SZAFĘ bibliotekę, biurko dębowe sprzedam. Królewska 27 m. 5. FORTEPIAN koncertowy Bechstein sprzedam. Marszałkowska 81.

WYTWORNY gabinet sypialnia, stołowy, szafy, tapczan, fotele sprzedam. Marszałkowska 15 m. 4. SYPIALNIĘ orzech, szafa trzydrzwiowa, toaletka, łóżka sprzedam okazyjnie. Chłodna 22. KREDENS, stół, krzesła dębowe sprzedam tanio. Ogrodowa 31. MASZYNĘ do pisania Underwood sprzedam. Wspólna 57. PIANINO krzyżowe mało używane sprzedam. Nowy Świat 44. POTRZEBNA służąca do wszystkiego z dobrymi świadectwami. Hoża 12. POSZUKUJĘ posady kasjerki, buchalterki, znam maszynę. Oferty: Biuro Ogłoszeń pod cyfrą. SPRZEDAM radio, gramofon, płyty. Złota 8. OBRAZY olejne, dywany perskie, kryształy kupię. Mazowiecka 6. MATERIAŁY ubraniowe, futra, palta sprzedam. Wilcza 30 m. 14. MEBLE kuchenne, kredensy, stoły sprzedam tanio. Leszno 33. SZAFĘ bibliotekę, biurko dębowe sprzedam. Królewska 27 m. 5. FORTEPIAN koncertowy Bechstein sprzedam. Marszałkowska 81.

POSADY
ZAOFIAROWANE

WYTWORNY gabinet sypialnia, stołowy, szafy, tapczan, fotele sprzedam. Marszałkowska 15 m. 4. SYPIALNIĘ orzech, szafa trzydrzwiowa, toaletka, łóżka sprzedam okazyjnie. Chłodna 22. KREDENS, stół, krzesła dębowe sprzedam tanio. Ogrodowa 31. MASZYNĘ do pisania Underwood sprzedam. Wspólna 57. PIANINO krzyżowe mało używane sprzedam. Nowy Świat 44. POTRZEBNA służąca do wszystkiego z dobrymi świadectwami. Hoża 12. POSZUKUJĘ posady kasjerki, buchalterki, znam maszynę. Oferty: Biuro Ogłoszeń pod cyfrą. SPRZEDAM radio, gramofon, płyty. Złota 8. OBRAZY olejne, dywany perskie, kryształy kupię. Mazowiecka 6. MATERIAŁY ubraniowe, futra, palta sprzedam. Wilcza 30 m. 14. MEBLE kuchenne, kredensy, stoły sprzedam tanio. Leszno 33. SZAFĘ bibliotekę, biurko dębowe sprzedam. Królewska 27 m. 5. FORTEPIAN koncertowy Bechstein sprzedam. Marszałkowska 81.

WYTWORNY gabinet sypialnia, stołowy, szafy, tapczan, fotele sprzedam. Marszałkowska 15 m. 4. SYPIALNIĘ orzech, szafa trzydrzwiowa, toaletka, łóżka sprzedam okazyjnie. Chłodna 22. KREDENS, stół, krzesła dębowe sprzedam tanio. Ogrodowa 31. MASZYNĘ do pisania Underwood sprzedam. Wspólna 57. PIANINO krzyżowe mało używane sprzedam. Nowy Świat 44. POTRZEBNA służąca do wszystkiego z dobrymi świadectwami. Hoża 12. POSZUKUJĘ posady kasjerki, buchalterki, znam maszynę. Oferty: Biuro Ogłoszeń pod cyfrą. SPRZEDAM radio, gramofon, płyty. Złota 8. OBRAZY olejne, dywany perskie, kryształy kupię. Mazowiecka 6. MATERIAŁY ubraniowe, futra, palta sprzedam. Wilcza 30 m. 14. MEBLE kuchenne, kredensy, stoły sprzedam tanio. Leszno 33. SZAFĘ bibliotekę, biurko dębowe sprzedam. Królewska 27 m. 5. FORTEPIAN koncertowy Bechstein sprzedam. Marszałkowska 81.

WYTWORNY gabinet sypialnia, stołowy, szafy, tapczan, fotele sprzedam. Marszałkowska 15 m. 4. SYPIALNIĘ orzech, szafa trzydrzwiowa, toaletka, łóżka sprzedam okazyjnie. Chłodna 22. KREDENS, stół, krzesła dębowe sprzedam tanio. Ogrodowa 31. MASZYNĘ do pisania Underwood sprzedam. Wspólna 57. PIANINO krzyżowe mało używane sprzedam. Nowy Świat 44. POTRZEBNA służąca do wszystkiego z dobrymi świadectwami. Hoża 12. POSZUKUJĘ posady kasjerki, buchalterki, znam maszynę. Oferty: Biuro Ogłoszeń pod cyfrą. SPRZEDAM radio, gramofon, płyty. Złota 8. OBRAZY olejne, dywany perskie, kryształy kupię. Mazowiecka 6. MATERIAŁY ubraniowe, futra, palta sprzedam. Wilcza 30 m. 14. MEBLE kuchenne, kredensy, stoły sprzedam tanio. Leszno 33. SZAFĘ bibliotekę, biurko dębowe sprzedam. Królewska 27 m. 5. FORTEPIAN koncertowy Bechstein sprzedam. Marszałkowska 81.

WYTWORNY gabinet sypialnia, stołowy, szafy, tapczan, fotele sprzedam. Marszałkowska 15 m. 4. SYPIALNIĘ orzech, szafa trzydrzwiowa, toaletka, łóżka sprzedam okazyjnie. Chłodna 22. KREDENS, stół, krzesła dębowe sprzedam tanio. Ogrodowa 31. MASZYNĘ do pisania Underwood sprzedam. Wspólna 57. PIANINO krzyżowe mało używane sprzedam. Nowy Świat 44. POTRZEBNA służąca do wszystkiego z dobrymi świadectwami. Hoża 12. POSZUKUJĘ posady kasjerki, buchalterki, znam maszynę. Oferty: Biuro Ogłoszeń pod cyfrą. SPRZEDAM radio, gramofon, płyty. Złota 8. OBRAZY olejne, dywany perskie, kryształy kupię. Mazowiecka 6. MATERIAŁY ubraniowe, futra, palta sprzedam. Wilcza 30 m. 14. MEBLE kuchenne, kredensy, stoły sprzedam tanio. Leszno 33. SZAFĘ bibliotekę, biurko dębowe sprzedam. Królewska 27 m. 5. FORTEPIAN koncertowy Bechstein sprzedam. Marszałkowska 81.

WYTWORNY gabinet sypialnia, stołowy, szafy, tapczan, fotele sprzedam. Marszałkowska 15 m. 4. SYPIALNIĘ orzech, szafa trzydrzwiowa, toaletka, łóżka sprzedam okazyjnie. Chłodna 22. KREDENS, stół, krzesła dębowe sprzedam tanio. Ogrodowa 31. MASZYNĘ do pisania Underwood sprzedam. Wspólna 57. PIANINO krzyżowe mało używane sprzedam. Nowy Świat 44. POTRZEBNA służąca do wszystkiego z dobrymi świadectwami. Hoża 12. POSZUKUJĘ posady kasjerki, buchalterki, znam maszynę. Oferty: Biuro Ogłoszeń pod cyfrą. SPRZEDAM radio, gramofon, płyty. Złota 8. OBRAZY olejne, dywany perskie, kryształy kupię. Mazowiecka 6. MATERIAŁY ubraniowe, futra, palta sprzedam. Wilcza 30 m. 14. MEBLE kuchenne, kredensy, stoły sprzedam tanio. Leszno 33. SZAFĘ bibliotekę, biurko dębowe sprzedam. Królewska 27 m. 5. FORTEPIAN koncertowy Bechstein sprzedam. Marszałkowska 81.

WYTWORNY gabinet sypialnia, stołowy, szafy, tapczan, fotele sprzedam. Marszałkowska 15 m. 4. SYPIALNIĘ orzech, szafa trzydrzwiowa, toaletka, łóżka sprzedam okazyjnie. Chłodna 22. KREDENS, stół, krzesła dębowe sprzedam tanio. Ogrodowa 31. MASZYNĘ do pisania Underwood sprzedam. Wspólna 57. PIANINO krzyżowe mało używane sprzedam. Nowy Świat 44. POTRZEBNA służąca do wszystkiego z dobrymi świadectwami. Hoża 12. POSZUKUJĘ posady kasjerki, buchalterki, znam maszynę. Oferty: Biuro Ogłoszeń pod cyfrą. SPRZEDAM radio, gramofon, płyty. Złota 8. OBRAZY olejne, dywany perskie, kryształy kupię. Mazowiecka 6. MATERIAŁY ubraniowe, futra, palta sprzedam. Wilcza 30 m. 14. MEBLE kuchenne, kredensy, stoły sprzedam tanio. Leszno 33. SZAFĘ bibliotekę, biurko dębowe sprzedam. Królewska 27 m. 5. FORTEPIAN koncertowy Bechstein sprzedam. Marszałkowska 81.

POSZUKIWANE

WYTWORNY gabinet sypialnia, stołowy, szafy, tapczan, fotele sprzedam. Marszałkowska 15 m. 4. SYPIALNIĘ orzech, szafa trzydrzwiowa, toaletka, łóżka sprzedam okazyjnie. Chłodna 22. KREDENS, stół, krzesła dębowe sprzedam tanio. Ogrodowa 31. MASZYNĘ do pisania Underwood sprzedam. Wspólna 57. PIANINO krzyżowe mało używane sprzedam. Nowy Świat 44. POTRZEBNA służąca do wszystkiego z dobrymi świadectwami. Hoża 12. POSZUKUJĘ posady kasjerki, buchalterki, znam maszynę. Oferty: Biuro Ogłoszeń pod cyfrą. SPRZEDAM radio, gramofon, płyty. Złota 8. OBRAZY olejne, dywany perskie, kryształy kupię. Mazowiecka 6. MATERIAŁY ubraniowe, futra, palta sprzedam. Wilcza 30 m. 14. MEBLE kuchenne, kredensy, stoły sprzedam tanio. Leszno 33. SZAFĘ bibliotekę, biurko dębowe sprzedam. Królewska 27 m. 5. FORTEPIAN koncertowy Bechstein sprzedam. Marszałkowska 81.

WYTWORNY gabinet sypialnia, stołowy, szafy, tapczan, fotele sprzedam. Marszałkowska 15 m. 4. SYPIALNIĘ orzech, szafa trzydrzwiowa, toaletka, łóżka sprzedam okazyjnie. Chłodna 22. KREDENS, stół, krzesła dębowe sprzedam tanio. Ogrodowa 31. MASZYNĘ do pisania Underwood sprzedam. Wspólna 57. PIANINO krzyżowe mało używane sprzedam. Nowy Świat 44. POTRZEBNA służąca do wszystkiego z dobrymi świadectwami. Hoża 12. POSZUKUJĘ posady kasjerki, buchalterki, znam maszynę. Oferty: Biuro Ogłoszeń pod cyfrą. SPRZEDAM radio, gramofon, płyty. Złota 8. OBRAZY olejne, dywany perskie, kryształy kupię. Mazowiecka 6. MATERIAŁY ubraniowe, futra, palta sprzedam. Wilcza 30 m. 14. MEBLE kuchenne, kredensy, stoły sprzedam tanio. Leszno 33. SZAFĘ bibliotekę, biurko dębowe sprzedam. Królewska 27 m. 5. FORTEPIAN koncertowy Bechstein sprzedam. Marszałkowska 81.

WYTWORNY gabinet sypialnia, stołowy, szafy, tapczan, fotele sprzedam. Marszałkowska 15 m. 4. SYPIALNIĘ orzech, szafa trzydrzwiowa, toaletka, łóżka sprzedam okazyjnie. Chłodna 22. KREDENS, stół, krzesła dębowe sprzedam tanio. Ogrodowa 31. MASZYNĘ do pisania Underwood sprzedam. Wspólna 57. PIANINO krzyżowe mało używane sprzedam. Nowy Świat 44. POTRZEBNA służąca do wszystkiego z dobrymi świadectwami. Hoża 12. POSZUKUJĘ posady kasjerki, buchalterki, znam maszynę. Oferty: Biuro Ogłoszeń pod cyfrą. SPRZEDAM radio, gramofon, płyty. Złota 8. OBRAZY olejne, dywany perskie, kryształy kupię. Mazowiecka 6. MATERIAŁY ubraniowe, futra, palta sprzedam. Wilcza 30 m. 14. MEBLE kuchenne, kredensy, stoły sprzedam tanio. Leszno 33. SZAFĘ bibliotekę, biurko dębowe sprzedam. Królewska 27 m. 5. FORTEPIAN koncertowy Bechstein sprzedam. Marszałkowska 81.

HURTOWNIK
Hansaplast
PROJEKTOR
Marco
Pokoi
CEROWNIA
Łopuski
POZNAŃSKA 18
NATIONAL
Fotoaparaty
Przewozy
Towarów
HURTOWNIA
Poszukiwane
Gabinet kosmetyczny
Magazyn
Kursy Buchalteryjne
Na Pluskwy
PHIREX
Królewska 29a
